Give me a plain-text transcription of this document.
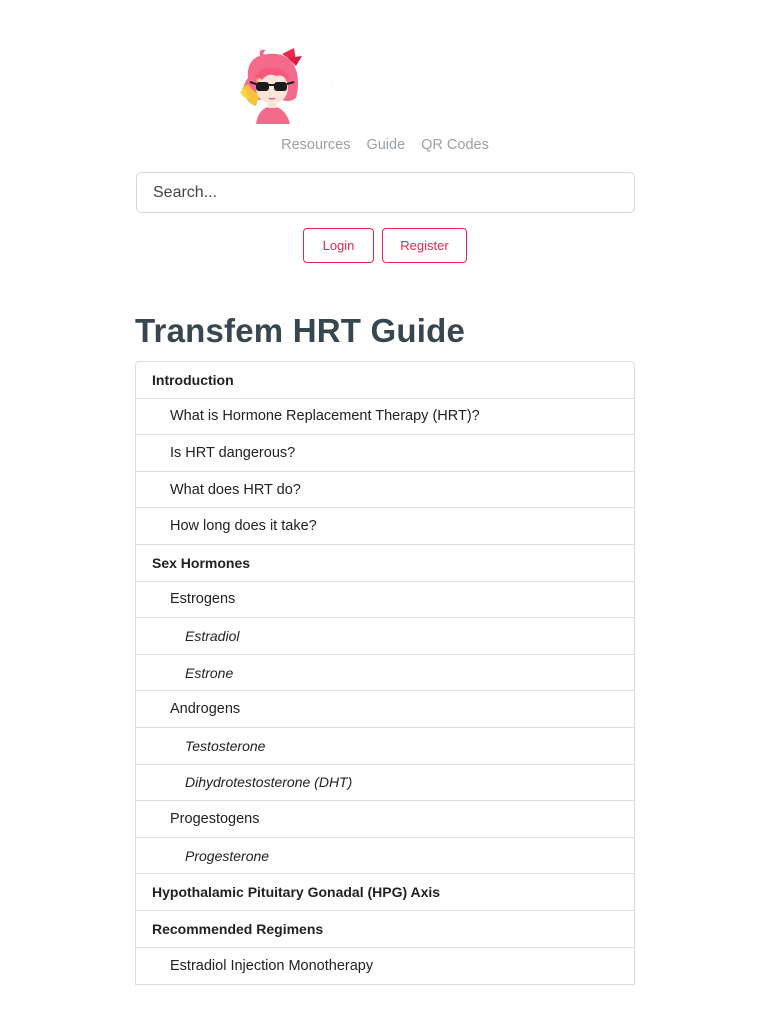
· · ·
Resources Guide QR Codes
Search...
Login	Register
Transfem HRT Guide
Introduction
What is Hormone Replacement Therapy (HRT)?
Is HRT dangerous?
What does HRT do?
How long does it take?
Sex Hormones
Estrogens
Estradiol
Estrone
Androgens
Testosterone
Dihydrotestosterone (DHT)
Progestogens
Progesterone
Hypothalamic Pituitary Gonadal (HPG) Axis
Recommended Regimens
Estradiol Injection Monotherapy
